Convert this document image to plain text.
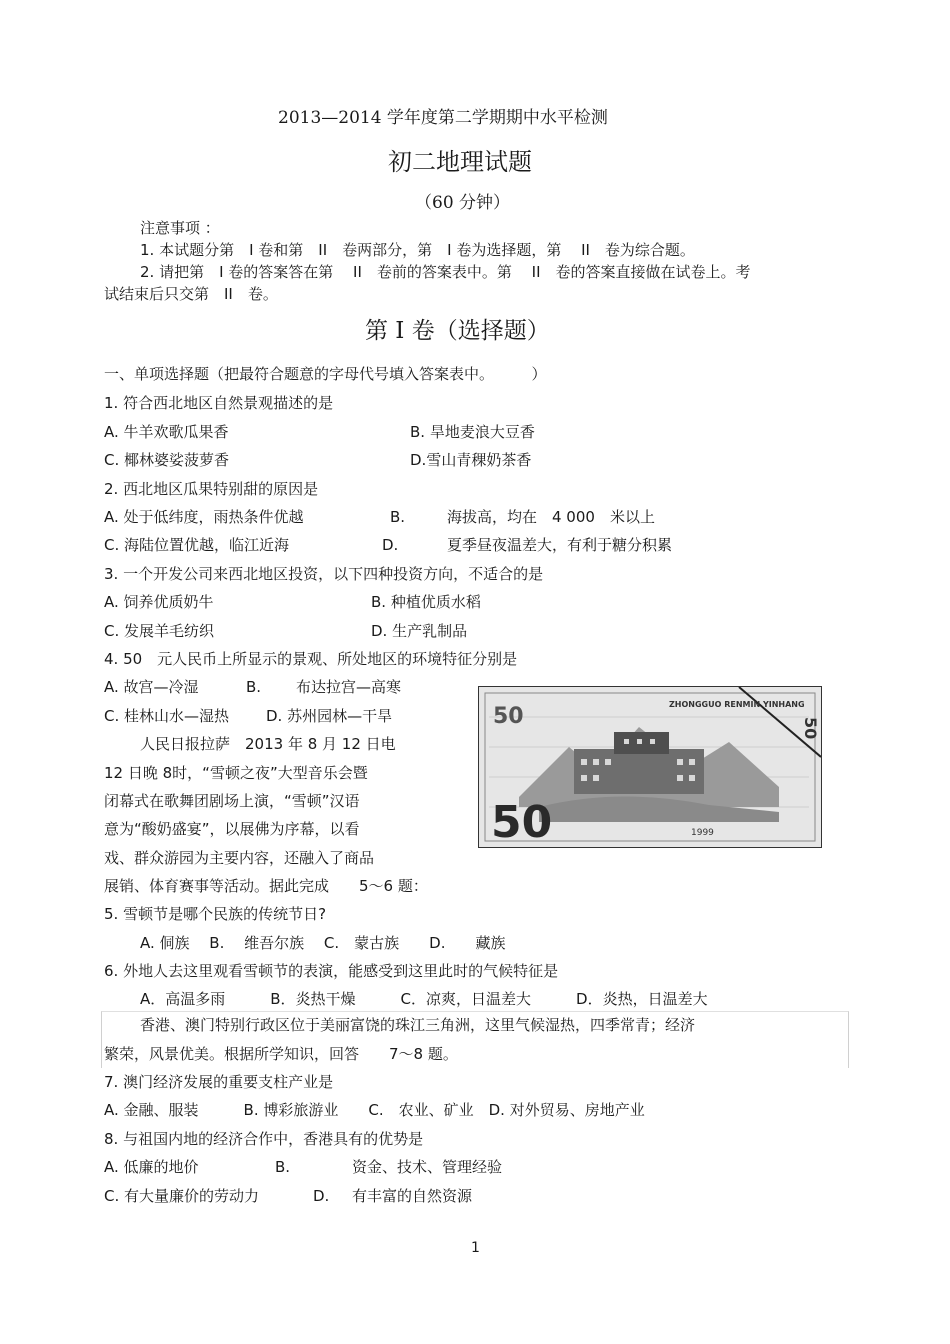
2013—2014 学年度第二学期期中水平检测
初二地理试题
（60 分钟）
注意事项 ：
1. 本试题分第　I 卷和第　II　卷两部分，第　I 卷为选择题，第　 II　卷为综合题。
2. 请把第　I 卷的答案答在第　 II　卷前的答案表中。第　 II　卷的答案直接做在试卷上。考
试结束后只交第　II　卷。
第 I 卷（选择题）
一、单项选择题（把最符合题意的字母代号填入答案表中。　　　）
1. 符合西北地区自然景观描述的是
A. 牛羊欢歌瓜果香	B. 旱地麦浪大豆香
C. 椰林婆娑菠萝香	D.雪山青稞奶茶香
2. 西北地区瓜果特别甜的原因是
A. 处于低纬度，雨热条件优越	B.	海拔高，均在　4 000　米以上
C. 海陆位置优越，临江近海	D.	夏季昼夜温差大，有利于糖分积累
3. 一个开发公司来西北地区投资，以下四种投资方向，不适合的是
A. 饲养优质奶牛	B. 种植优质水稻
C. 发展羊毛纺织	D. 生产乳制品
4. 50　元人民币上所显示的景观、所处地区的环境特征分别是
A. 故宫—冷湿	B. 布达拉宫—高寒
C. 桂林山水—湿热 D. 苏州园林—干旱	50
50
ZHONGGUO RENMIN YINHANG
1999
50
人民日报拉萨　2013 年 8 月 12 日电
12 日晚 8时，“雪顿之夜”大型音乐会暨
闭幕式在歌舞团剧场上演，“雪顿”汉语
意为“酸奶盛宴”，以展佛为序幕，以看
戏、群众游园为主要内容，还融入了商品
展销、体育赛事等活动。据此完成　　5～6 题：
5. 雪顿节是哪个民族的传统节日?
A. 侗族　 B.　 维吾尔族　 C.　蒙古族　　D.　　藏族
6. 外地人去这里观看雪顿节的表演，能感受到这里此时的气候特征是
A．高温多雨　　　B．炎热干燥　　　C．凉爽，日温差大　　　D．炎热，日温差大
香港、澳门特别行政区位于美丽富饶的珠江三角洲，这里气候湿热，四季常青；经济
繁荣，风景优美。根据所学知识，回答　　7～8 题。
7. 澳门经济发展的重要支柱产业是
A. 金融、服装　　　B. 博彩旅游业　　C.　农业、矿业　D. 对外贸易、房地产业
8. 与祖国内地的经济合作中，香港具有的优势是
A. 低廉的地价	B.	资金、技术、管理经验
C. 有大量廉价的劳动力	D. 有丰富的自然资源
1
